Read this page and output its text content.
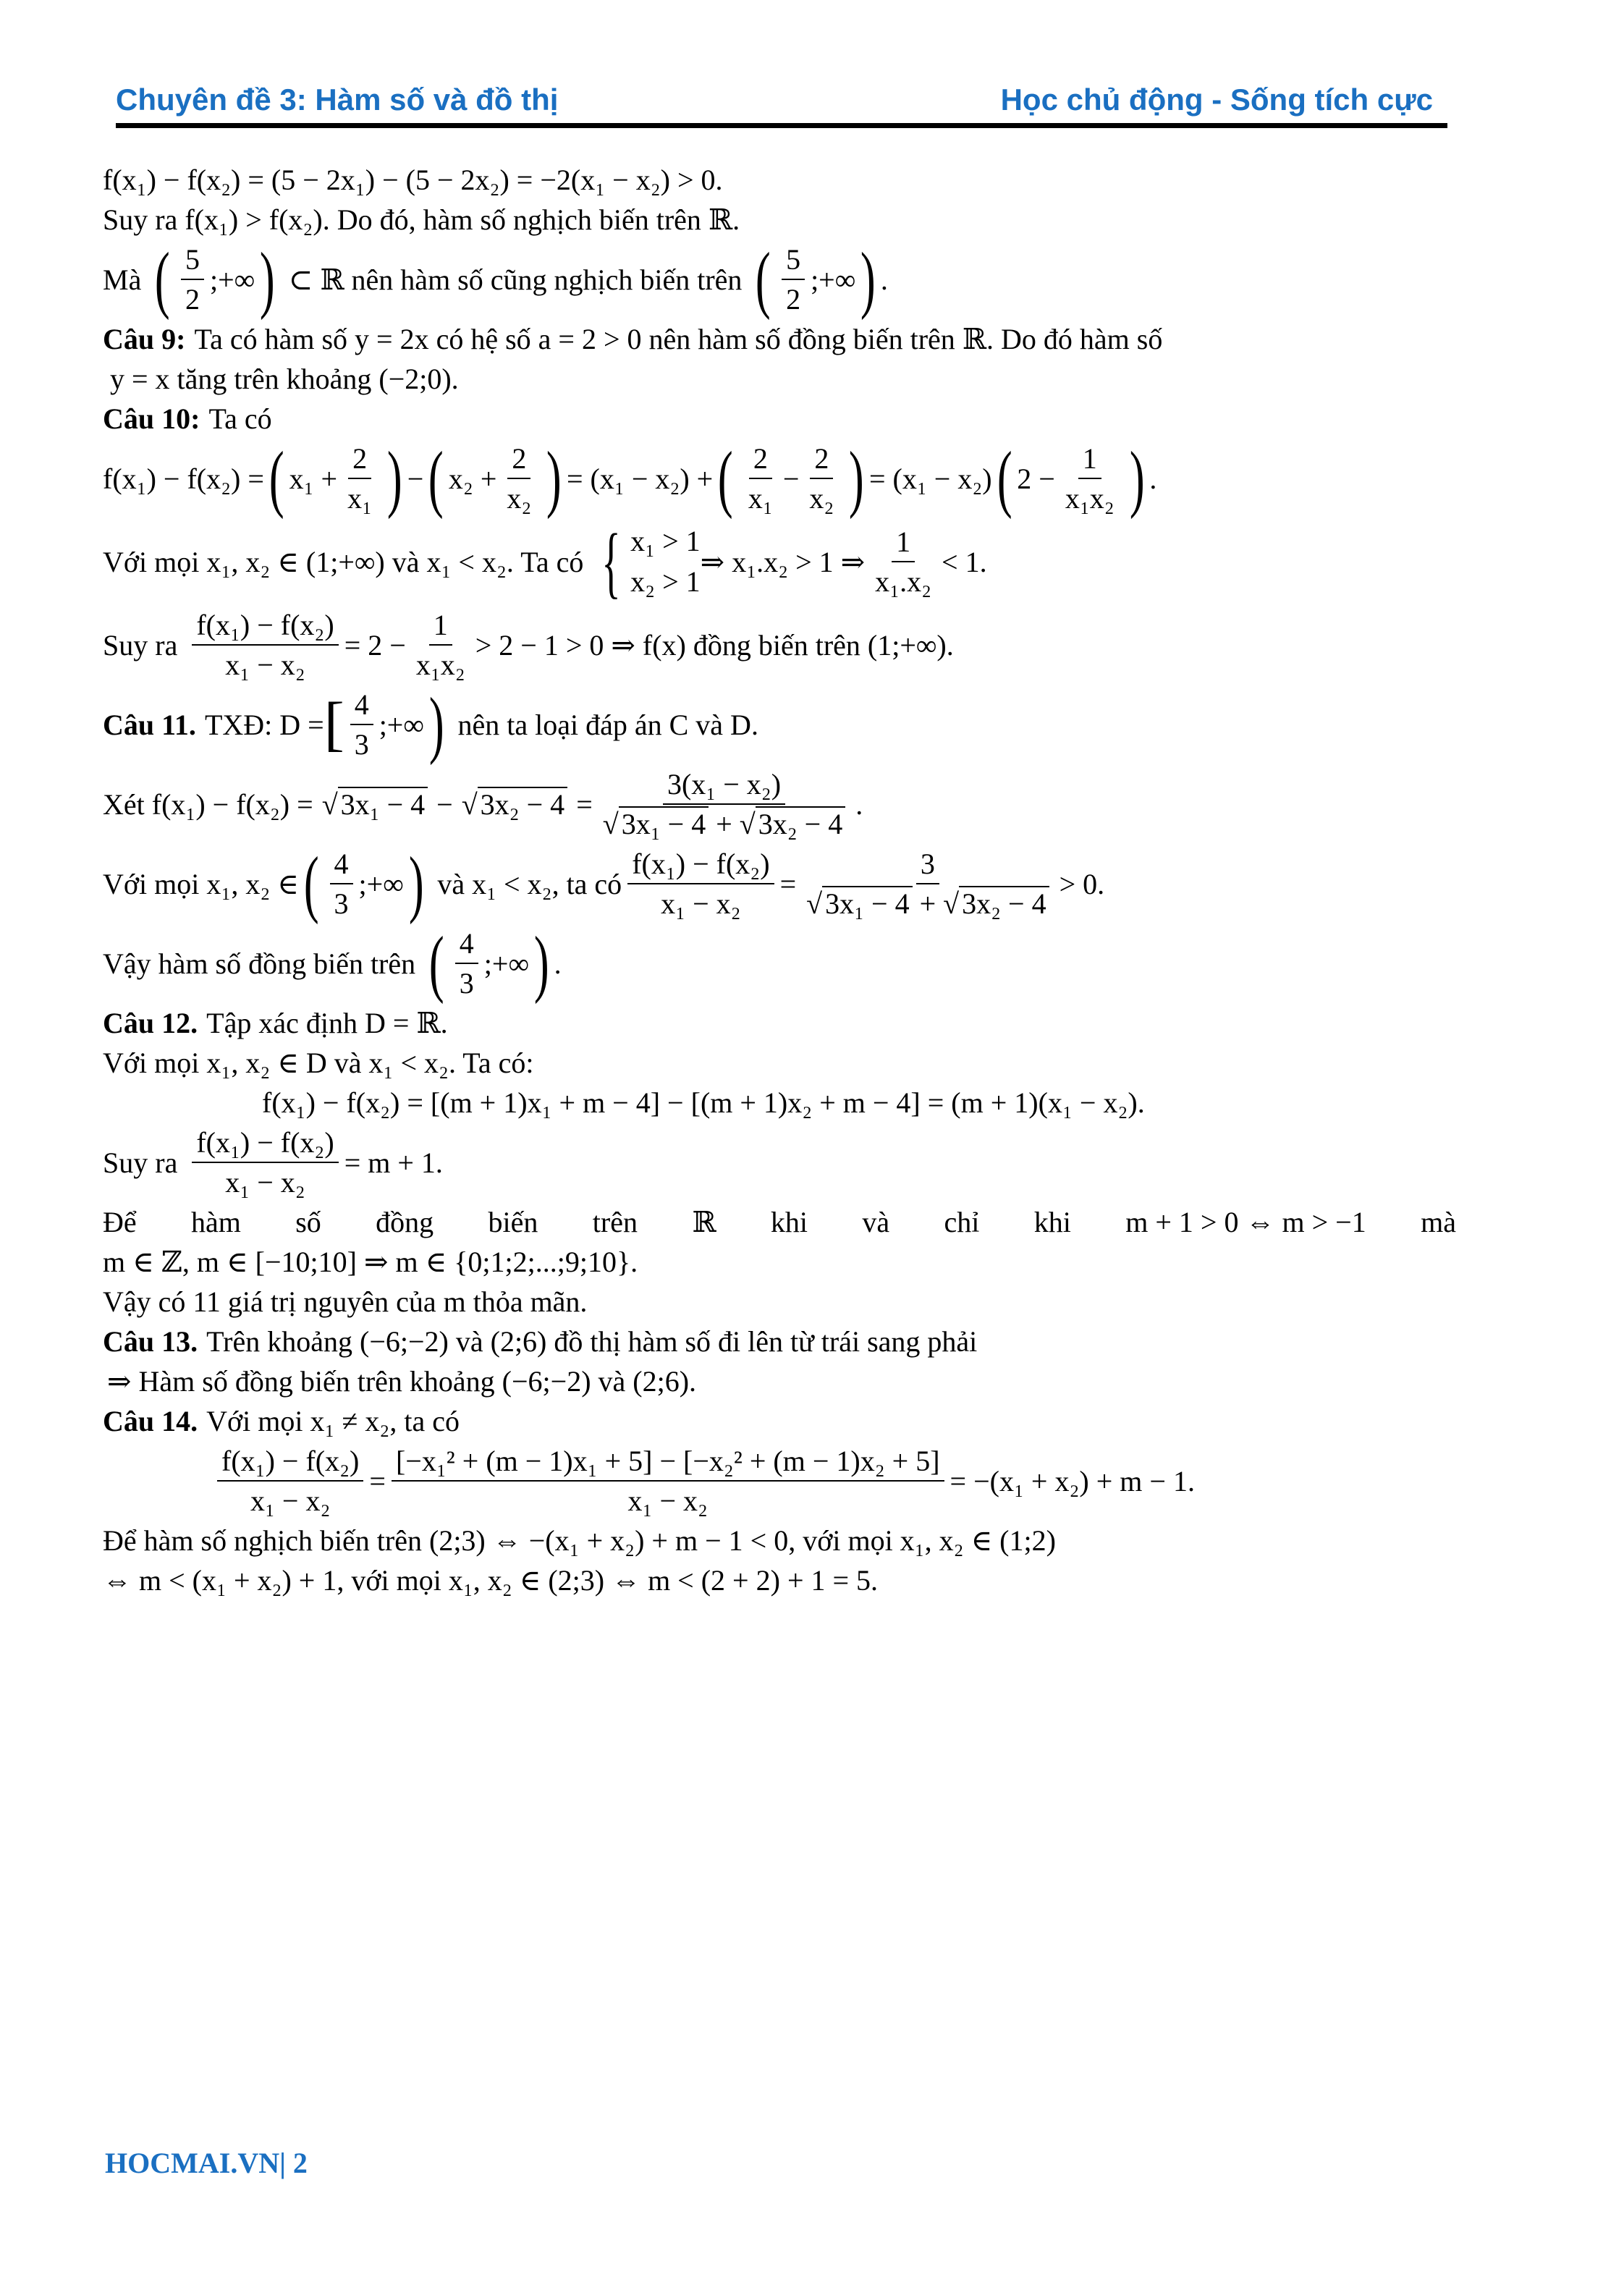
Chuyên đề 3: Hàm số và đồ thị	Học chủ động - Sống tích cực
f(x₁) − f(x₂) = (5 − 2x₁) − (5 − 2x₂) = −2(x₁ − x₂) > 0.
Suy ra f(x₁) > f(x₂). Do đó, hàm số nghịch biến trên ℝ.
Mà ( $\frac{5}{2}$ ;+∞ ) ⊂ ℝ nên hàm số cũng nghịch biến trên ( $\frac{5}{2}$ ;+∞ ) .
Câu 9: Ta có hàm số y = 2x có hệ số a = 2 > 0 nên hàm số đồng biến trên ℝ. Do đó hàm số
y = x tăng trên khoảng (−2;0).
Câu 10: Ta có
f(x₁) − f(x₂) = ( $x_1 + \frac{2}{\text{x₁}}$ ) − ( $x_2 + \frac{2}{\text{x₂}}$ ) = (x₁ − x₂) + ( $\frac{2}{\text{x₁}} - \frac{2}{\text{x₂}}$ ) = (x₁ − x₂) ( $2 - \frac{1}{\text{x₁x₂}}$ ) .
Với mọi x₁, x₂ ∈ (1;+∞) và x₁ < x₂. Ta có { x₁ > 1
x₂ > 1
⇒ x₁.x₂ > 1 ⇒ $\frac{1}{\text{x₁.x₂}} < 1$.
Suy ra $\frac{\text{f(x₁) − f(x₂)}}{\text{x₁ − x₂}} = 2 - \frac{1}{\text{x₁x₂}} > 2 - 1 > 0$ ⇒ f(x) đồng biến trên (1;+∞).
Câu 11. TXĐ: D = [ $\frac{4}{3}$ ;+∞ ) nên ta loại đáp án C và D.
Xét f(x₁) − f(x₂) = √ 3x₁ − 4 − √ $3x_2 - 4 = \frac{\text{3(x₁ − x₂)}}{\text{√ 3x₁ − 4 + √ 3x₂ − 4}}$ .
Với mọi x₁, x₂ ∈ ( $\frac{4}{3}$ ;+∞ ) và x₁ < x₂, ta có $\frac{\text{f(x₁) − f(x₂)}}{\text{x₁ − x₂}} = \frac{3}{\text{√ 3x₁ − 4 + √ 3x₂ − 4}} > 0$.
Vậy hàm số đồng biến trên ( $\frac{4}{3}$ ;+∞ ) .
Câu 12. Tập xác định D = ℝ.
Với mọi x₁, x₂ ∈ D và x₁ < x₂. Ta có:
f(x₁) − f(x₂) = [(m + 1)x₁ + m − 4] − [(m + 1)x₂ + m − 4] = (m + 1)(x₁ − x₂).
Suy ra $\frac{\text{f(x₁) − f(x₂)}}{\text{x₁ − x₂}} = m + 1$.
Để hàm số đồng biến trên ℝ khi và chỉ khi m + 1 > 0 ⇔ m > −1 mà
m ∈ ℤ, m ∈ [−10;10] ⇒ m ∈ {0;1;2;...;9;10}.
Vậy có 11 giá trị nguyên của m thỏa mãn.
Câu 13. Trên khoảng (−6;−2) và (2;6) đồ thị hàm số đi lên từ trái sang phải
⇒ Hàm số đồng biến trên khoảng (−6;−2) và (2;6).
Câu 14. Với mọi x₁ ≠ x₂, ta có
$\frac{\text{f(x₁) − f(x₂)}}{\text{x₁ − x₂}} = \frac{\text{[−x₁² + (m − 1)x₁ + 5] − [−x₂² + (m − 1)x₂ + 5]}}{\text{x₁ − x₂}} = -(x_1 + x_2) + m - 1$.
Để hàm số nghịch biến trên (2;3) ⇔ −(x₁ + x₂) + m − 1 < 0, với mọi x₁, x₂ ∈ (1;2)
⇔ m < (x₁ + x₂) + 1, với mọi x₁, x₂ ∈ (2;3) ⇔ m < (2 + 2) + 1 = 5.
HOCMAI.VN| 2
